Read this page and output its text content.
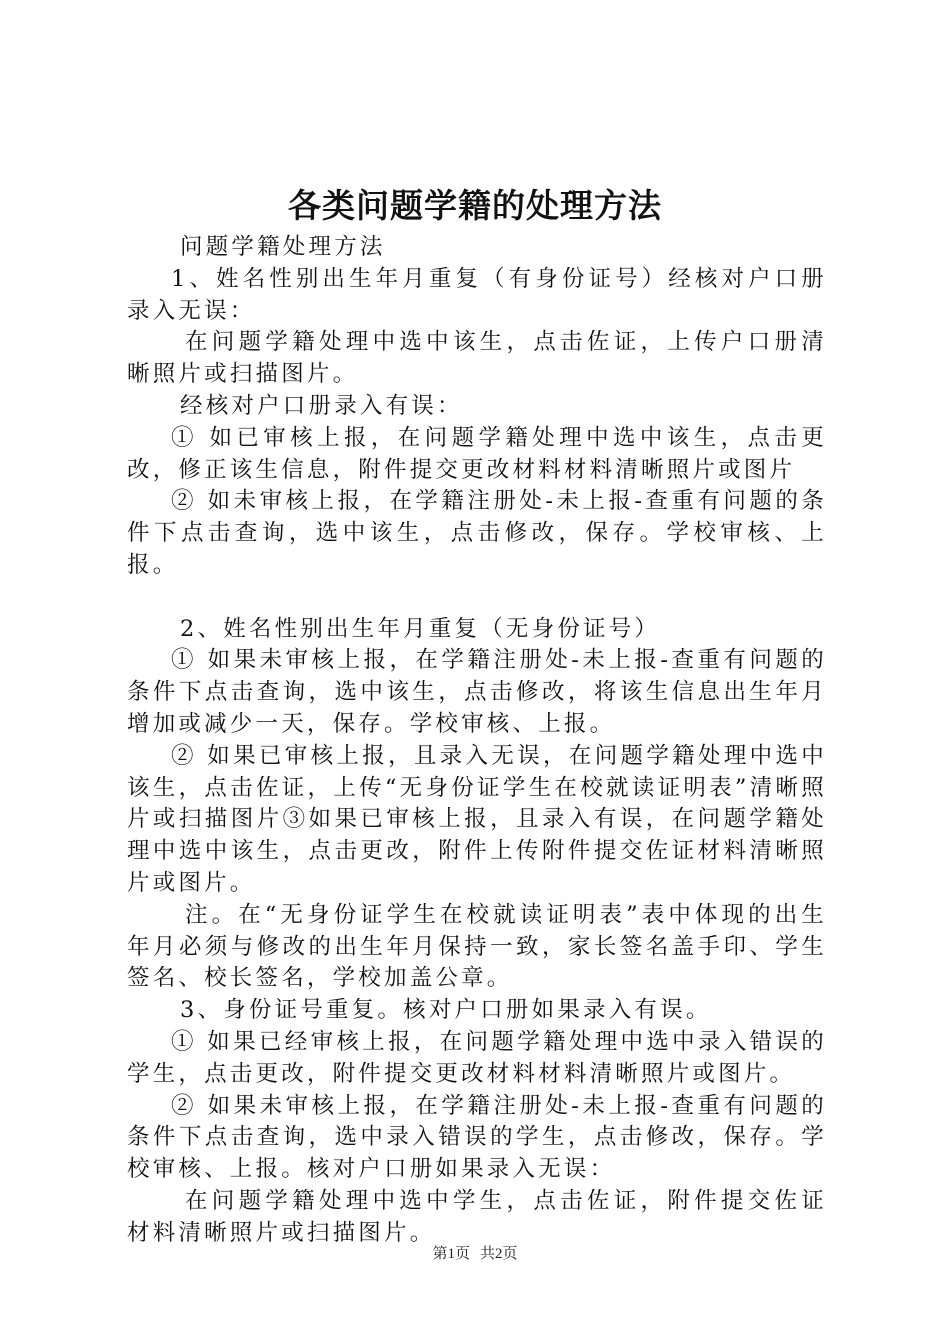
各类问题学籍的处理方法

问题学籍处理方法

1、姓名性别出生年月重复（有身份证号）经核对户口册录入无误：

在问题学籍处理中选中该生，点击佐证，上传户口册清晰照片或扫描图片。

经核对户口册录入有误：

① 如已审核上报，在问题学籍处理中选中该生，点击更改，修正该生信息，附件提交更改材料材料清晰照片或图片

② 如未审核上报，在学籍注册处-未上报-查重有问题的条件下点击查询，选中该生，点击修改，保存。学校审核、上报。

2、姓名性别出生年月重复（无身份证号）

① 如果未审核上报，在学籍注册处-未上报-查重有问题的条件下点击查询，选中该生，点击修改，将该生信息出生年月增加或减少一天，保存。学校审核、上报。

② 如果已审核上报，且录入无误，在问题学籍处理中选中该生，点击佐证，上传“无身份证学生在校就读证明表”清晰照片或扫描图片③如果已审核上报，且录入有误，在问题学籍处理中选中该生，点击更改，附件上传附件提交佐证材料清晰照片或图片。

注。在“无身份证学生在校就读证明表”表中体现的出生年月必须与修改的出生年月保持一致，家长签名盖手印、学生签名、校长签名，学校加盖公章。

3、身份证号重复。核对户口册如果录入有误。

① 如果已经审核上报，在问题学籍处理中选中录入错误的学生，点击更改，附件提交更改材料材料清晰照片或图片。

② 如果未审核上报，在学籍注册处-未上报-查重有问题的条件下点击查询，选中录入错误的学生，点击修改，保存。学校审核、上报。核对户口册如果录入无误：

在问题学籍处理中选中学生，点击佐证，附件提交佐证材料清晰照片或扫描图片。

第1页 共2页
